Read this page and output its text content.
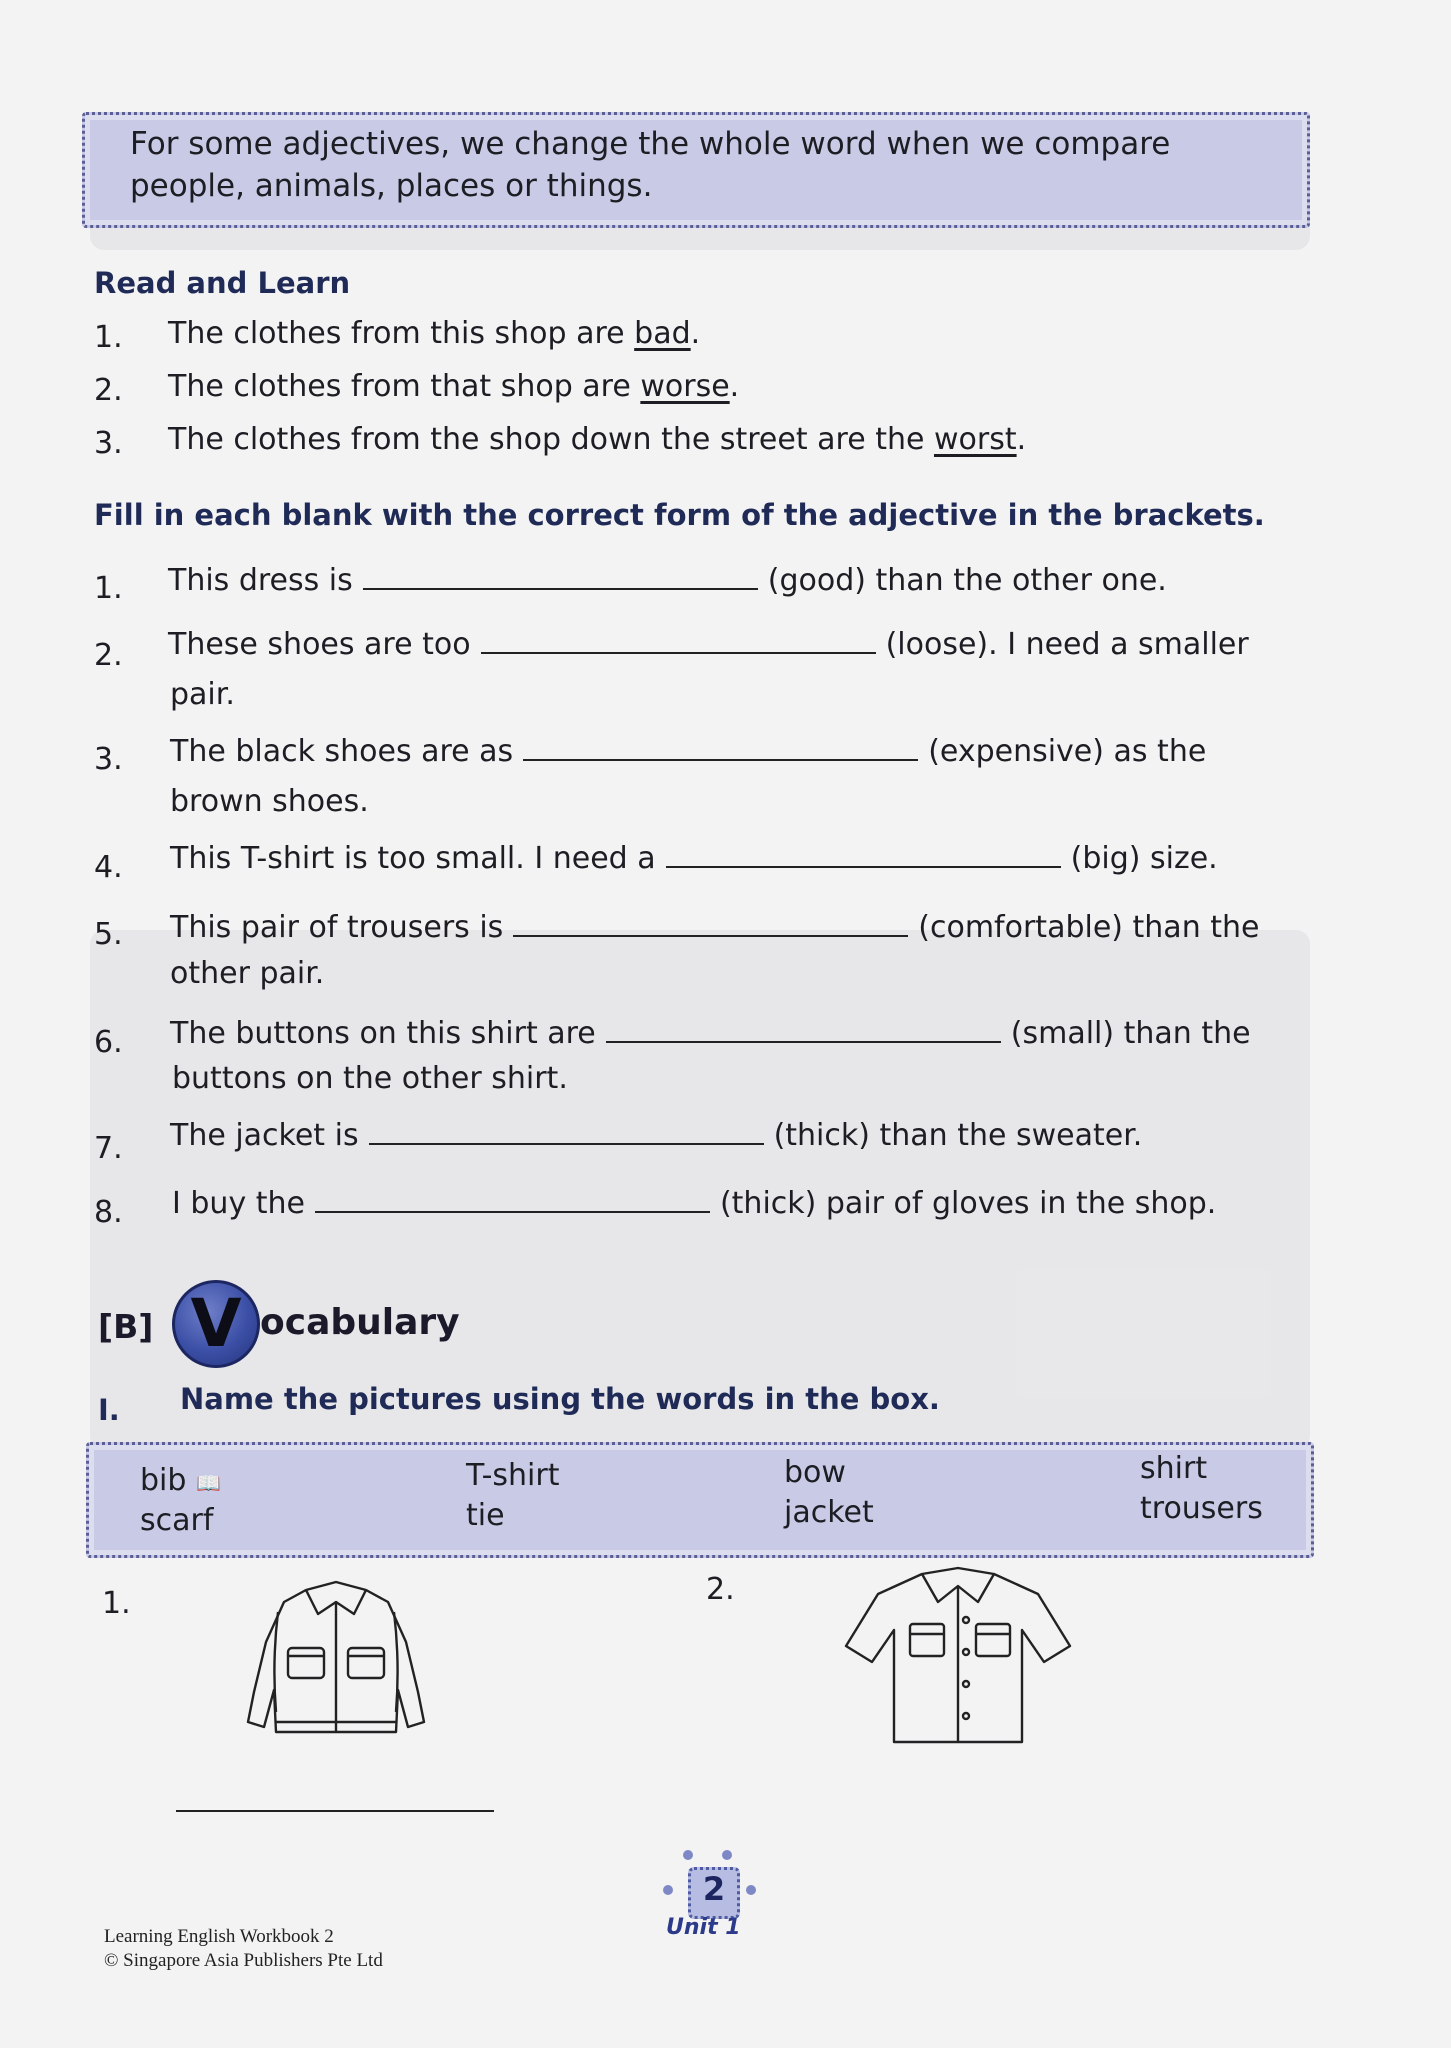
For some adjectives, we change the whole word when we compare people, animals, places or things.
Read and Learn
1. The clothes from this shop are bad.
2. The clothes from that shop are worse.
3. The clothes from the shop down the street are the worst.
Fill in each blank with the correct form of the adjective in the brackets.
1. This dress is	(good) than the other one.
2. These shoes are too	(loose). I need a smaller
pair.
3. The black shoes are as	(expensive) as the
brown shoes.
4. This T-shirt is too small. I need a	(big) size.
5. This pair of trousers is	(comfortable) than the
other pair.
6. The buttons on this shirt are	(small) than the
buttons on the other shirt.
7. The jacket is	(thick) than the sweater.
8. I buy the	(thick) pair of gloves in the shop.
[B] V ocabulary
I. Name the pictures using the words in the box.
bib 📖	T-shirt	bow	shirt
scarf	tie	jacket	trousers
1.	2.
2
Unit 1
Learning English Workbook 2
© Singapore Asia Publishers Pte Ltd
